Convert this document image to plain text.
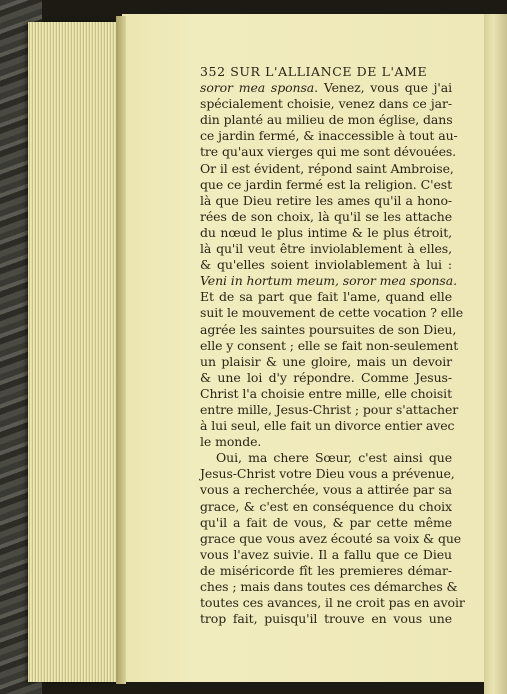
352 SUR L'ALLIANCE DE L'AME
soror mea sponsa. Venez, vous que j'ai
spécialement choisie, venez dans ce jar-
din planté au milieu de mon église, dans
ce jardin fermé, & inaccessible à tout au-
tre qu'aux vierges qui me sont dévouées.
Or il est évident, répond saint Ambroise,
que ce jardin fermé est la religion. C'est
là que Dieu retire les ames qu'il a hono-
rées de son choix, là qu'il se les attache
du nœud le plus intime & le plus étroit,
là qu'il veut être inviolablement à elles,
& qu'elles soient inviolablement à lui :
Veni in hortum meum, soror mea sponsa.
Et de sa part que fait l'ame, quand elle
suit le mouvement de cette vocation ? elle
agrée les saintes poursuites de son Dieu,
elle y consent ; elle se fait non-seulement
un plaisir & une gloire, mais un devoir
& une loi d'y répondre. Comme Jesus-
Christ l'a choisie entre mille, elle choisit
entre mille, Jesus-Christ ; pour s'attacher
à lui seul, elle fait un divorce entier avec
le monde.
Oui, ma chere Sœur, c'est ainsi que
Jesus-Christ votre Dieu vous a prévenue,
vous a recherchée, vous a attirée par sa
grace, & c'est en conséquence du choix
qu'il a fait de vous, & par cette même
grace que vous avez écouté sa voix & que
vous l'avez suivie. Il a fallu que ce Dieu
de miséricorde fît les premieres démar-
ches ; mais dans toutes ces démarches &
toutes ces avances, il ne croit pas en avoir
trop fait, puisqu'il trouve en vous une
